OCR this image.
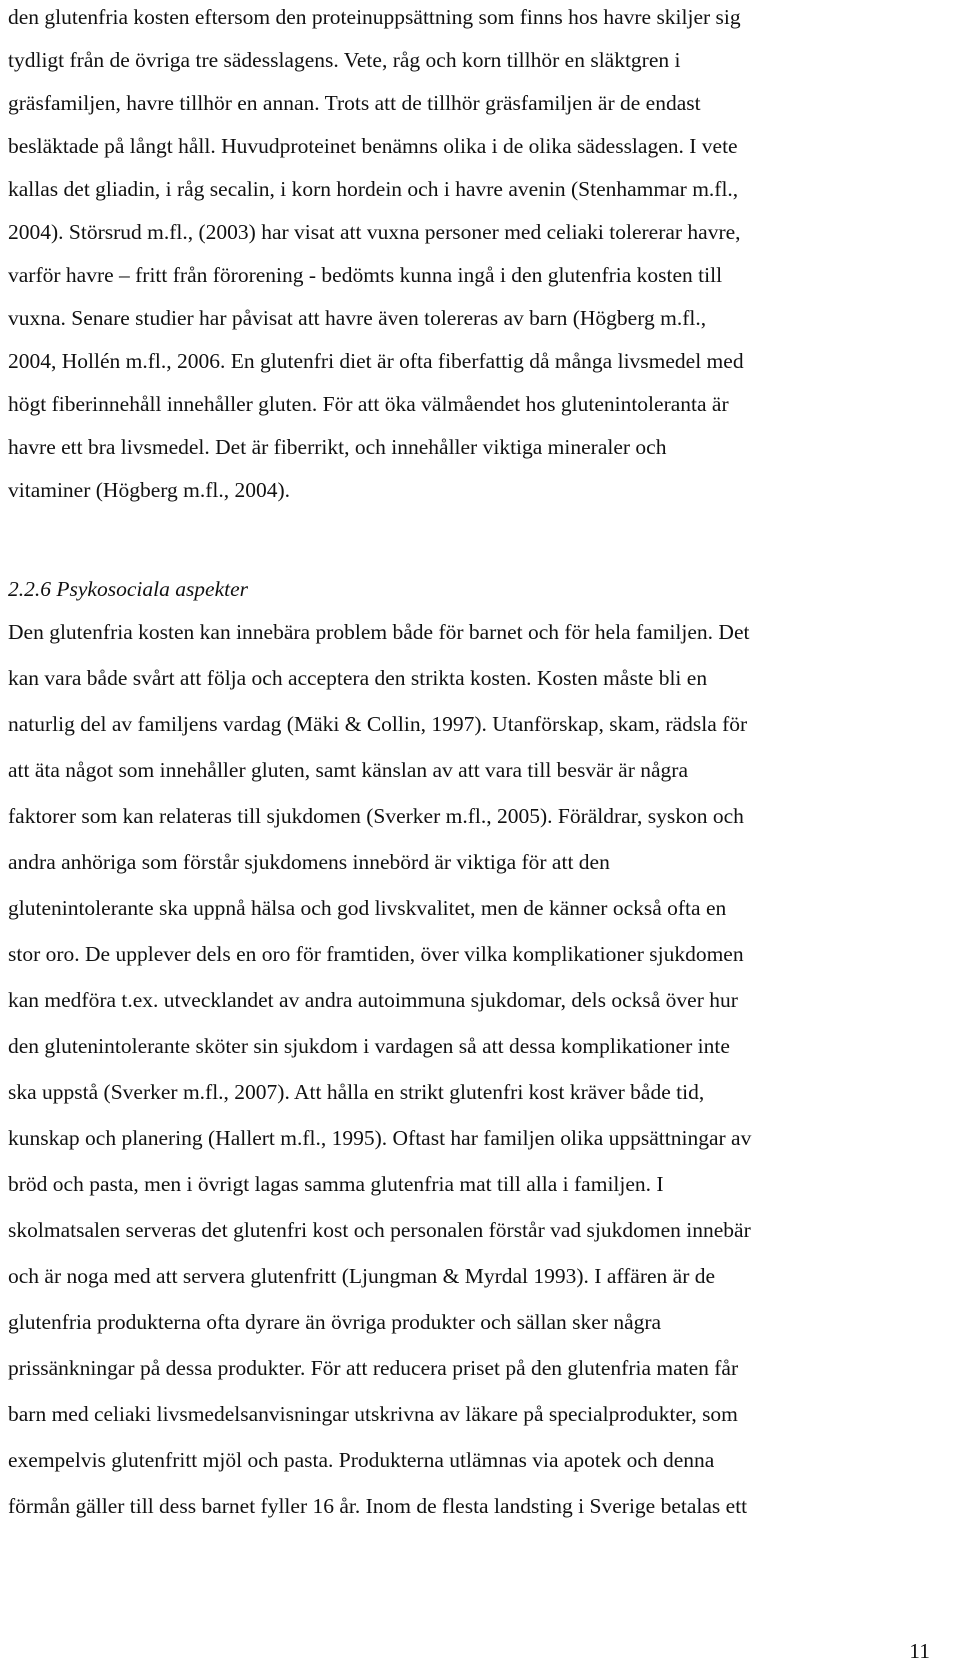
den glutenfria kosten eftersom den proteinuppsättning som finns hos havre skiljer sig
tydligt från de övriga tre sädesslagens. Vete, råg och korn tillhör en släktgren i
gräsfamiljen, havre tillhör en annan. Trots att de tillhör gräsfamiljen är de endast
besläktade på långt håll. Huvudproteinet benämns olika i de olika sädesslagen. I vete
kallas det gliadin, i råg secalin, i korn hordein och i havre avenin (Stenhammar m.fl.,
2004). Störsrud m.fl., (2003) har visat att vuxna personer med celiaki tolererar havre,
varför havre – fritt från förorening - bedömts kunna ingå i den glutenfria kosten till
vuxna. Senare studier har påvisat att havre även tolereras av barn (Högberg m.fl.,
2004, Hollén m.fl., 2006. En glutenfri diet är ofta fiberfattig då många livsmedel med
högt fiberinnehåll innehåller gluten. För att öka välmåendet hos glutenintoleranta är
havre ett bra livsmedel. Det är fiberrikt, och innehåller viktiga mineraler och
vitaminer (Högberg m.fl., 2004).
2.2.6 Psykosociala aspekter
Den glutenfria kosten kan innebära problem både för barnet och för hela familjen. Det
kan vara både svårt att följa och acceptera den strikta kosten. Kosten måste bli en
naturlig del av familjens vardag (Mäki & Collin, 1997). Utanförskap, skam, rädsla för
att äta något som innehåller gluten, samt känslan av att vara till besvär är några
faktorer som kan relateras till sjukdomen (Sverker m.fl., 2005). Föräldrar, syskon och
andra anhöriga som förstår sjukdomens innebörd är viktiga för att den
glutenintolerante ska uppnå hälsa och god livskvalitet, men de känner också ofta en
stor oro. De upplever dels en oro för framtiden, över vilka komplikationer sjukdomen
kan medföra t.ex. utvecklandet av andra autoimmuna sjukdomar, dels också över hur
den glutenintolerante sköter sin sjukdom i vardagen så att dessa komplikationer inte
ska uppstå (Sverker m.fl., 2007). Att hålla en strikt glutenfri kost kräver både tid,
kunskap och planering (Hallert m.fl., 1995). Oftast har familjen olika uppsättningar av
bröd och pasta, men i övrigt lagas samma glutenfria mat till alla i familjen. I
skolmatsalen serveras det glutenfri kost och personalen förstår vad sjukdomen innebär
och är noga med att servera glutenfritt (Ljungman & Myrdal 1993). I affären är de
glutenfria produkterna ofta dyrare än övriga produkter och sällan sker några
prissänkningar på dessa produkter. För att reducera priset på den glutenfria maten får
barn med celiaki livsmedelsanvisningar utskrivna av läkare på specialprodukter, som
exempelvis glutenfritt mjöl och pasta. Produkterna utlämnas via apotek och denna
förmån gäller till dess barnet fyller 16 år. Inom de flesta landsting i Sverige betalas ett
11
